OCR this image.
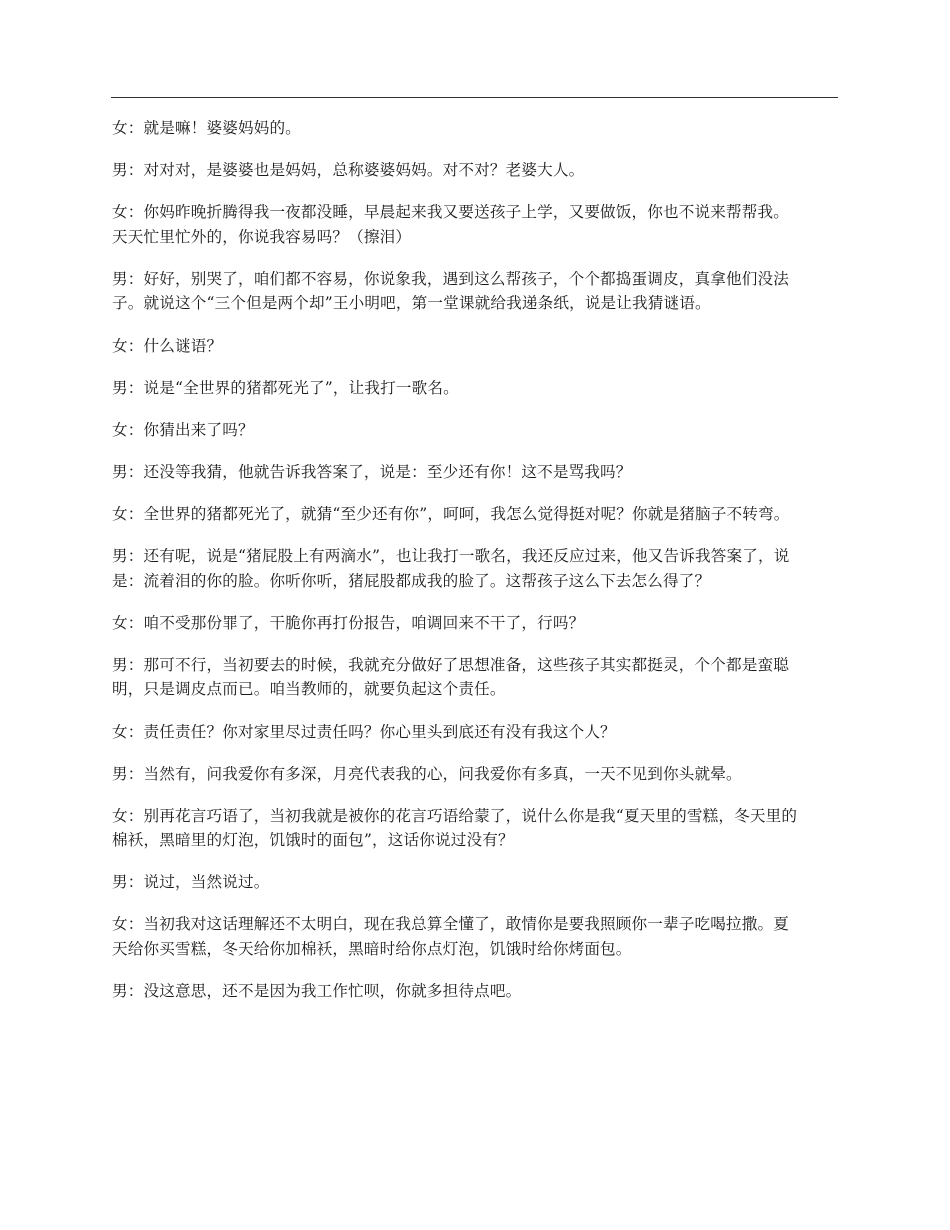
女：就是嘛！婆婆妈妈的。

男：对对对，是婆婆也是妈妈，总称婆婆妈妈。对不对？老婆大人。

女：你妈昨晚折腾得我一夜都没睡，早晨起来我又要送孩子上学，又要做饭，你也不说来帮帮我。天天忙里忙外的，你说我容易吗？（擦泪）

男：好好，别哭了，咱们都不容易，你说象我，遇到这么帮孩子，个个都捣蛋调皮，真拿他们没法子。就说这个“三个但是两个却”王小明吧，第一堂课就给我递条纸，说是让我猜谜语。

女：什么谜语？

男：说是“全世界的猪都死光了”，让我打一歌名。

女：你猜出来了吗？

男：还没等我猜，他就告诉我答案了，说是：至少还有你！这不是骂我吗？

女：全世界的猪都死光了，就猜“至少还有你”，呵呵，我怎么觉得挺对呢？你就是猪脑子不转弯。

男：还有呢，说是“猪屁股上有两滴水”，也让我打一歌名，我还反应过来，他又告诉我答案了，说是：流着泪的你的脸。你听你听，猪屁股都成我的脸了。这帮孩子这么下去怎么得了？

女：咱不受那份罪了，干脆你再打份报告，咱调回来不干了，行吗？

男：那可不行，当初要去的时候，我就充分做好了思想准备，这些孩子其实都挺灵，个个都是蛮聪明，只是调皮点而已。咱当教师的，就要负起这个责任。

女：责任责任？你对家里尽过责任吗？你心里头到底还有没有我这个人？

男：当然有，问我爱你有多深，月亮代表我的心，问我爱你有多真，一天不见到你头就晕。

女：别再花言巧语了，当初我就是被你的花言巧语给蒙了，说什么你是我“夏天里的雪糕，冬天里的棉袄，黑暗里的灯泡，饥饿时的面包”，这话你说过没有？

男：说过，当然说过。

女：当初我对这话理解还不太明白，现在我总算全懂了，敢情你是要我照顾你一辈子吃喝拉撒。夏天给你买雪糕，冬天给你加棉袄，黑暗时给你点灯泡，饥饿时给你烤面包。

男：没这意思，还不是因为我工作忙呗，你就多担待点吧。
